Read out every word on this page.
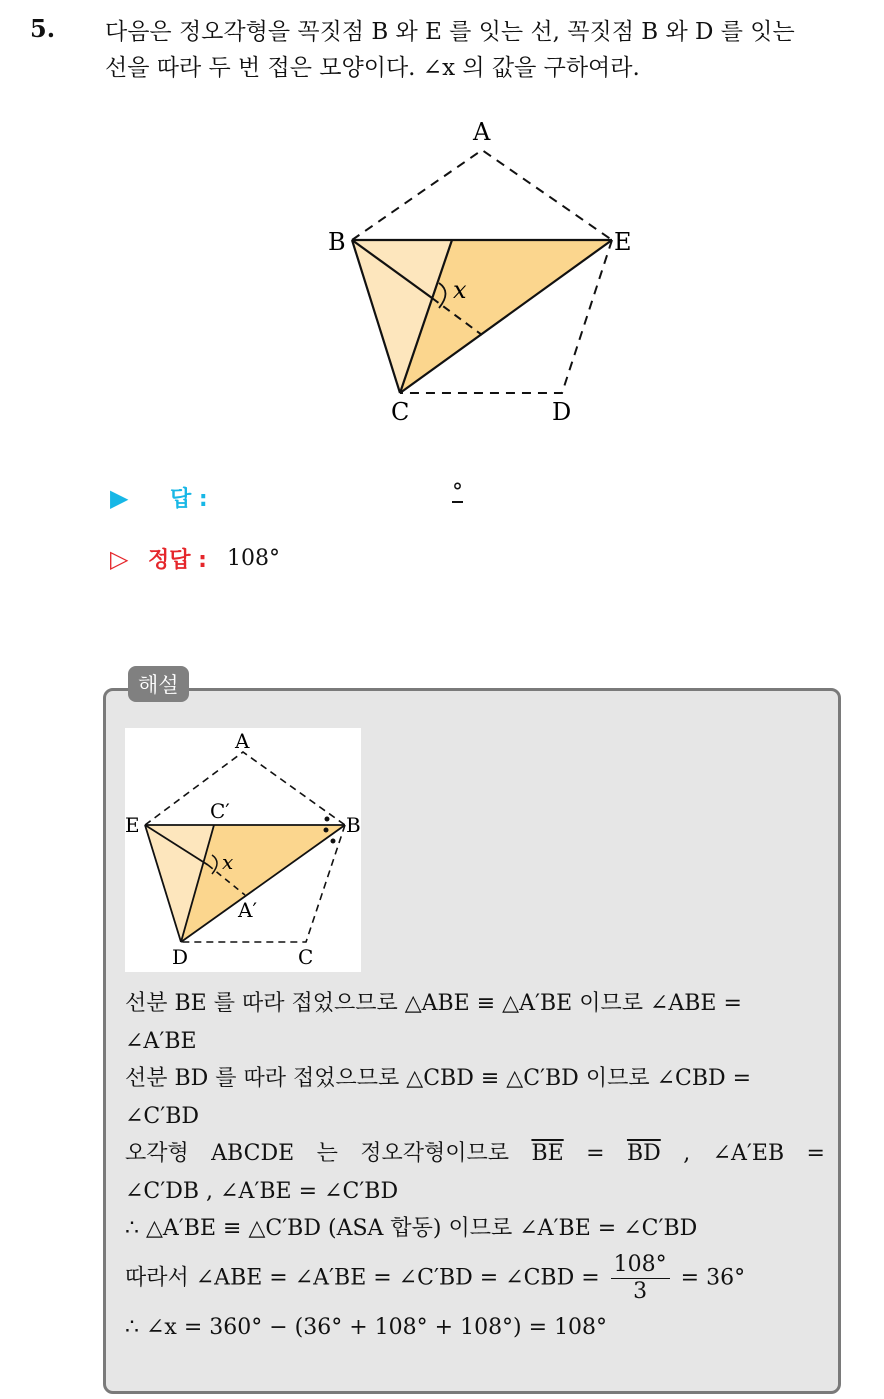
5. 다음은 정오각형을 꼭짓점 B 와 E 를 잇는 선, 꼭짓점 B 와 D 를 잇는
선을 따라 두 번 접은 모양이다. ∠x 의 값을 구하여라.
A
B	E
C	D
x
▶	답 :	°
▷ 정답 : 108°
해설
A
E	B
C′
x
A′
D	C

선분 BE 를 따라 접었으므로 △ABE ≡ △A′BE 이므로 ∠ABE =

∠A′BE

선분 BD 를 따라 접었으므로 △CBD ≡ △C′BD 이므로 ∠CBD =

∠C′BD

오각형 ABCDE 는 정오각형이므로 $\overline{BE} = \overline{BD}$ , ∠A′EB =

∠C′DB , ∠A′BE = ∠C′BD

∴ △A′BE ≡ △C′BD (ASA 합동) 이므로 ∠A′BE = ∠C′BD

따라서 ∠ABE = ∠A′BE = ∠C′BD = ∠CBD = $\frac{108^\circ}{3} = 36^\circ$

∴ ∠x = 360° − (36° + 108° + 108°) = 108°
